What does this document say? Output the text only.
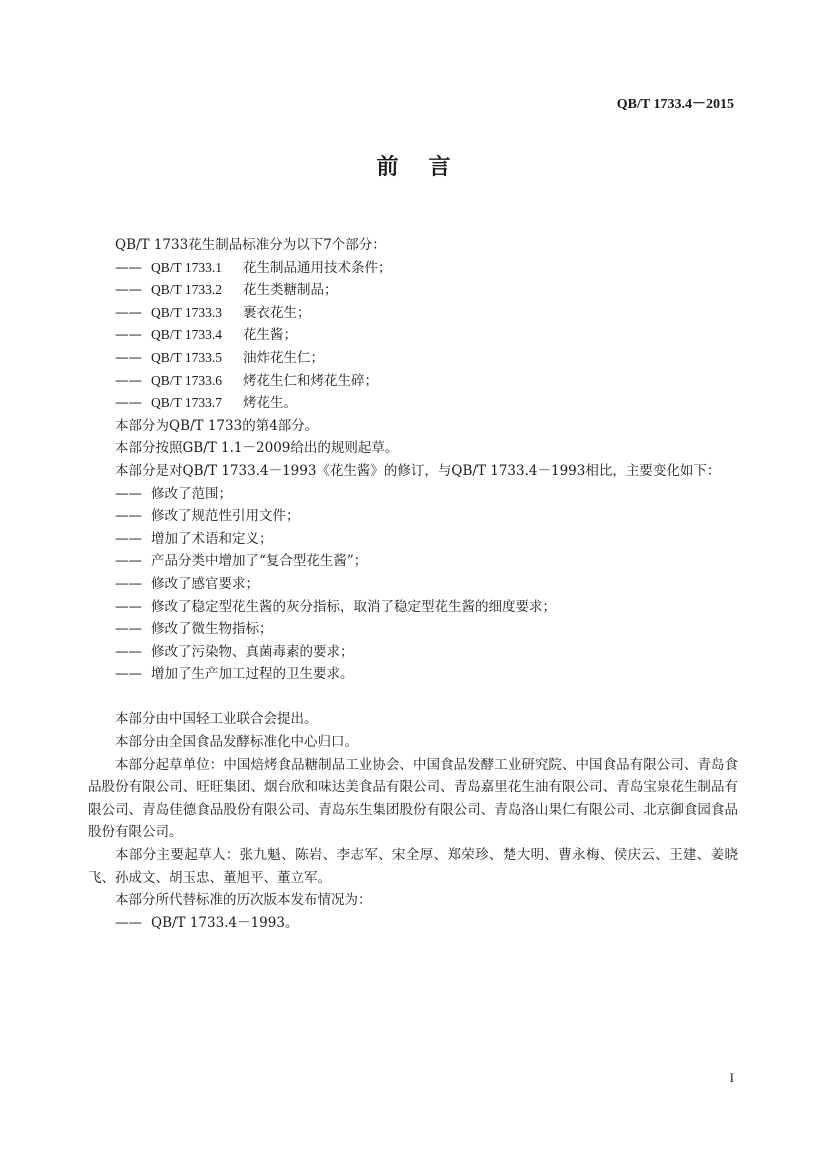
QB/T 1733.4－2015
前言

QB/T 1733花生制品标准分为以下7个部分：

—— QB/T 1733.1 花生制品通用技术条件；

—— QB/T 1733.2 花生类糖制品；

—— QB/T 1733.3 裹衣花生；

—— QB/T 1733.4 花生酱；

—— QB/T 1733.5 油炸花生仁；

—— QB/T 1733.6 烤花生仁和烤花生碎；

—— QB/T 1733.7 烤花生。

本部分为QB/T 1733的第4部分。

本部分按照GB/T 1.1－2009给出的规则起草。

本部分是对QB/T 1733.4－1993《花生酱》的修订，与QB/T 1733.4－1993相比，主要变化如下：

—— 修改了范围；

—— 修改了规范性引用文件；

—— 增加了术语和定义；

—— 产品分类中增加了“复合型花生酱”；

—— 修改了感官要求；

—— 修改了稳定型花生酱的灰分指标，取消了稳定型花生酱的细度要求；

—— 修改了微生物指标；

—— 修改了污染物、真菌毒素的要求；

—— 增加了生产加工过程的卫生要求。

本部分由中国轻工业联合会提出。

本部分由全国食品发酵标准化中心归口。

本部分起草单位：中国焙烤食品糖制品工业协会、中国食品发酵工业研究院、中国食品有限公司、青岛食品股份有限公司、旺旺集团、烟台欣和味达美食品有限公司、青岛嘉里花生油有限公司、青岛宝泉花生制品有限公司、青岛佳德食品股份有限公司、青岛东生集团股份有限公司、青岛洛山果仁有限公司、北京御食园食品股份有限公司。

本部分主要起草人：张九魁、陈岩、李志军、宋全厚、郑荣珍、楚大明、曹永梅、侯庆云、王建、姜晓飞、孙成文、胡玉忠、董旭平、董立军。

本部分所代替标准的历次版本发布情况为：

—— QB/T 1733.4－1993。

I
